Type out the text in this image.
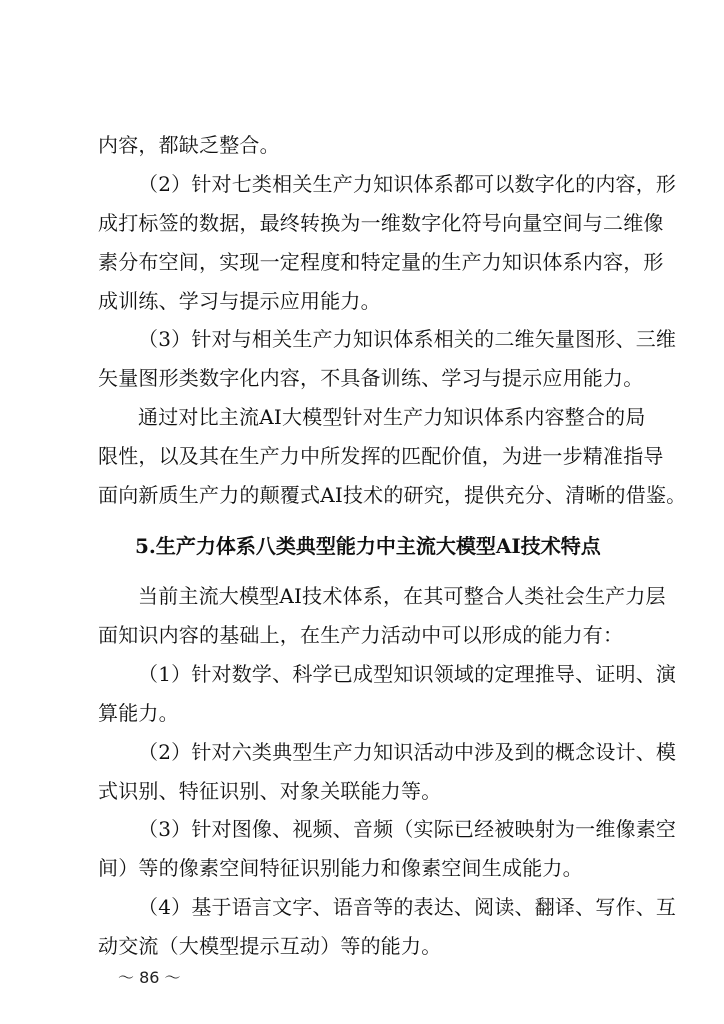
内容，都缺乏整合。
（2）针对七类相关生产力知识体系都可以数字化的内容，形
成打标签的数据，最终转换为一维数字化符号向量空间与二维像
素分布空间，实现一定程度和特定量的生产力知识体系内容，形
成训练、学习与提示应用能力。
（3）针对与相关生产力知识体系相关的二维矢量图形、三维
矢量图形类数字化内容，不具备训练、学习与提示应用能力。
通过对比主流AI大模型针对生产力知识体系内容整合的局
限性，以及其在生产力中所发挥的匹配价值，为进一步精准指导
面向新质生产力的颠覆式AI技术的研究，提供充分、清晰的借鉴。
5.生产力体系八类典型能力中主流大模型AI技术特点
当前主流大模型AI技术体系，在其可整合人类社会生产力层
面知识内容的基础上，在生产力活动中可以形成的能力有：
（1）针对数学、科学已成型知识领域的定理推导、证明、演
算能力。
（2）针对六类典型生产力知识活动中涉及到的概念设计、模
式识别、特征识别、对象关联能力等。
（3）针对图像、视频、音频（实际已经被映射为一维像素空
间）等的像素空间特征识别能力和像素空间生成能力。
（4）基于语言文字、语音等的表达、阅读、翻译、写作、互
动交流（大模型提示互动）等的能力。
～ 86 ～
